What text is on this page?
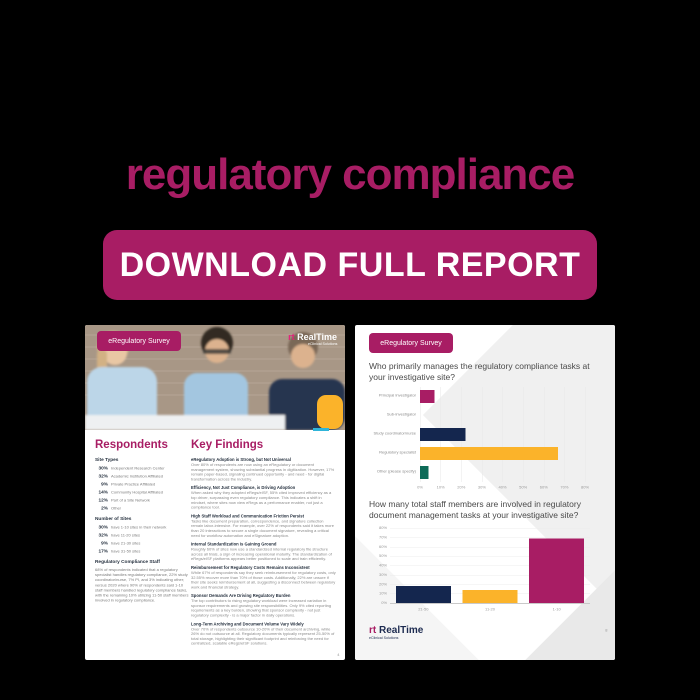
regulatory compliance
DOWNLOAD FULL REPORT
eRegulatory Survey	rt RealTime
eClinical Solutions
Respondents Key Findings
Site Types
30% Independent Research Center
32% Academic Institution Affiliated
9% Private Practice Affiliated
14% Community Hospital Affiliated
12% Part of a Site Network
2% Other
Number of Sites
30% have 1-10 sites in their network
32% have 11-20 sites
9% have 21-30 sites
17% have 31-50 sites
Regulatory Compliance Staff
68% of respondents indicated that a regulatory specialist handles regulatory compliance, 22% study coordinator/nurse, 7% PI, and 3% indicating other; versus 2020 where 90% of respondents said 1-10 staff members handled regulatory compliance tasks, with the remaining 10% utilizing 11-50 staff members involved in regulatory compliance.
eRegulatory Adoption is Strong, but Not Universal
Over 80% of respondents are now using an eRegulatory or document management system, showing substantial progress in digitization. However, 17% remain paper-based, signaling continued opportunity - and need - for digital transformation across the industry.
Efficiency, Not Just Compliance, is Driving Adoption
When asked why they adopted eRegs/eISF, 55% cited improved efficiency as a top driver, surpassing even regulatory compliance. This indicates a shift in mindset, where sites now view eRegs as a performance enabler, not just a compliance tool.
High Staff Workload and Communication Friction Persist
Tasks like document preparation, correspondence, and signature collection remain labor-intensive. For example, over 22% of respondents said it takes more than 20 interactions to secure a single document signature, revealing a critical need for workflow automation and eSignature adoption.
Internal Standardization is Gaining Ground
Roughly 60% of sites now use a standardized internal regulatory file structure across all trials, a sign of increasing operational maturity. The standardization of eRegs/eISF platforms appears better positioned to scale and train efficiently.
Reimbursement for Regulatory Costs Remains Inconsistent
While 67% of respondents say they seek reimbursement for regulatory costs, only 32.55% recover more than 70% of those costs. Additionally, 22% are unsure if their site seeks reimbursement at all, suggesting a disconnect between regulatory work and financial strategy.
Sponsor Demands Are Driving Regulatory Burden
The top contributors to rising regulatory workload were increased variation in sponsor requirements and growing site responsibilities. Only 9% cited reporting requirements as a key burden, showing that sponsor complexity - not just regulatory complexity - is a major factor in daily operations.
Long-Term Archiving and Document Volume Vary Widely
Over 70% of respondents outsource 10-20% of their document archiving, while 26% do not outsource at all. Regulatory documents typically represent 25-50% of total storage, highlighting their significant footprint and reinforcing the need for centralized, scalable eRegs/eISF solutions.
4
eRegulatory Survey
Who primarily manages the regulatory compliance tasks at your investigative site?
Principal Investigator
Sub-Investigator
Study coordinator/nurse
Regulatory specialist
Other (please specify)
0% 10% 20% 30% 40% 50% 60% 70% 80%
How many total staff members are involved in regulatory document management tasks at your investigative site?
0%
10%
20%
30%
40%
50%
60%
70%
80%
21-50	11-20	1-10
rt RealTime
eClinical Solutions
8
